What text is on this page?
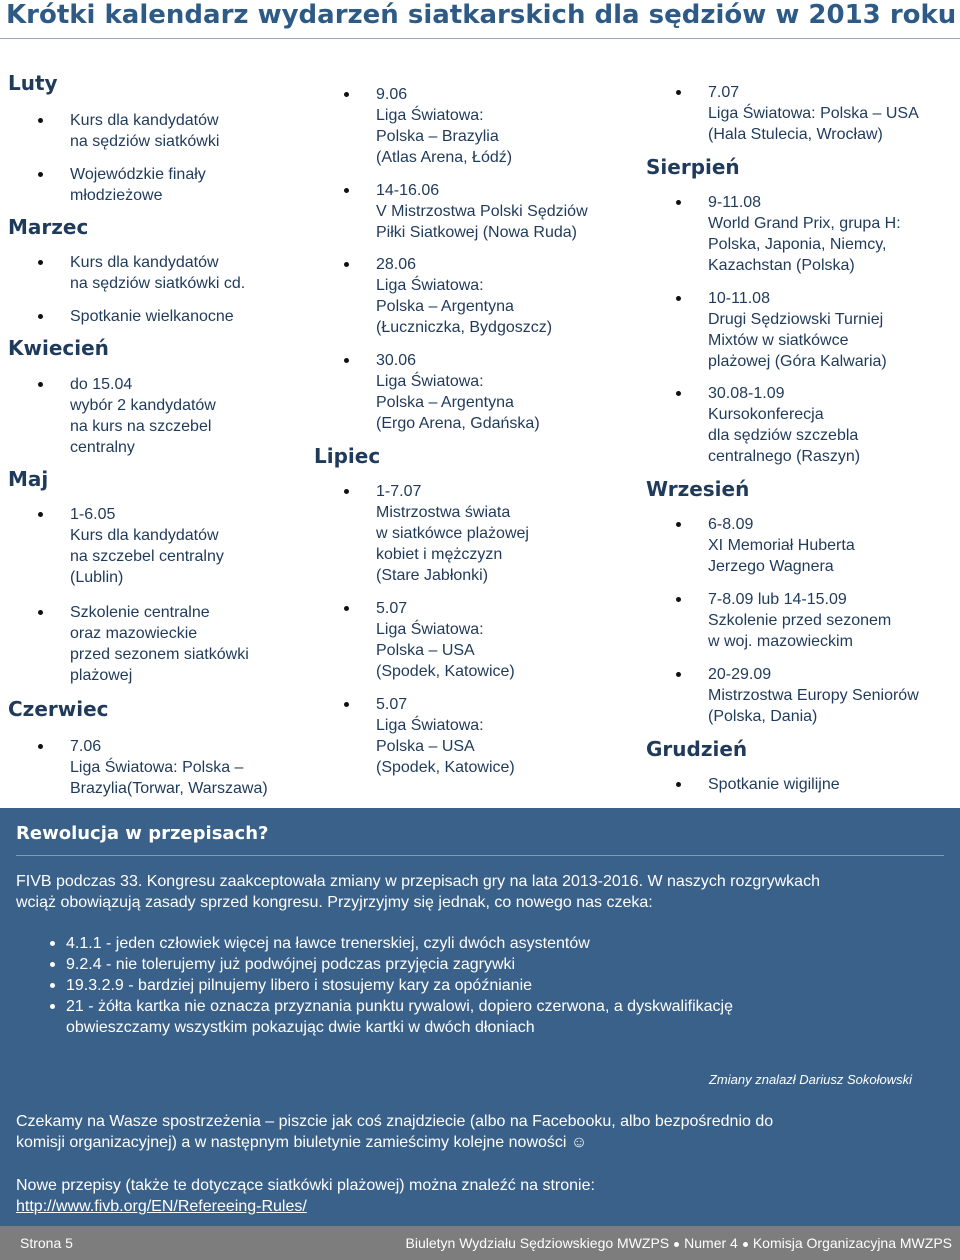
Krótki kalendarz wydarzeń siatkarskich dla sędziów w 2013 roku
Luty
Kurs dla kandydatów
na sędziów siatkówki
Wojewódzkie finały
młodzieżowe
Marzec
Kurs dla kandydatów
na sędziów siatkówki cd.
Spotkanie wielkanocne
Kwiecień
do 15.04
wybór 2 kandydatów
na kurs na szczebel
centralny
Maj
1-6.05
Kurs dla kandydatów
na szczebel centralny
(Lublin)
Szkolenie centralne
oraz mazowieckie
przed sezonem siatkówki
plażowej
Czerwiec
7.06
Liga Światowa: Polska –
Brazylia(Torwar, Warszawa)
9.06
Liga Światowa:
Polska – Brazylia
(Atlas Arena, Łódź)
14-16.06
V Mistrzostwa Polski Sędziów
Piłki Siatkowej (Nowa Ruda)
28.06
Liga Światowa:
Polska – Argentyna
(Łuczniczka, Bydgoszcz)
30.06
Liga Światowa:
Polska – Argentyna
(Ergo Arena, Gdańska)
Lipiec
1-7.07
Mistrzostwa świata
w siatkówce plażowej
kobiet i mężczyzn
(Stare Jabłonki)
5.07
Liga Światowa:
Polska – USA
(Spodek, Katowice)
5.07
Liga Światowa:
Polska – USA
(Spodek, Katowice)
7.07
Liga Światowa: Polska – USA
(Hala Stulecia, Wrocław)
Sierpień
9-11.08
World Grand Prix, grupa H:
Polska, Japonia, Niemcy,
Kazachstan (Polska)
10-11.08
Drugi Sędziowski Turniej
Mixtów w siatkówce
plażowej (Góra Kalwaria)
30.08-1.09
Kursokonferecja
dla sędziów szczebla
centralnego (Raszyn)
Wrzesień
6-8.09
XI Memoriał Huberta
Jerzego Wagnera
7-8.09 lub 14-15.09
Szkolenie przed sezonem
w woj. mazowieckim
20-29.09
Mistrzostwa Europy Seniorów
(Polska, Dania)
Grudzień
Spotkanie wigilijne
Rewolucja w przepisach?
FIVB podczas 33. Kongresu zaakceptowała zmiany w przepisach gry na lata 2013-2016. W naszych rozgrywkach
wciąż obowiązują zasady sprzed kongresu. Przyjrzyjmy się jednak, co nowego nas czeka:
4.1.1 - jeden człowiek więcej na ławce trenerskiej, czyli dwóch asystentów
9.2.4 - nie tolerujemy już podwójnej podczas przyjęcia zagrywki
19.3.2.9 - bardziej pilnujemy libero i stosujemy kary za opóźnianie
21 - żółta kartka nie oznacza przyznania punktu rywalowi, dopiero czerwona, a dyskwalifikację
obwieszczamy wszystkim pokazując dwie kartki w dwóch dłoniach
Zmiany znalazł Dariusz Sokołowski
Czekamy na Wasze spostrzeżenia – piszcie jak coś znajdziecie (albo na Facebooku, albo bezpośrednio do
komisji organizacyjnej) a w następnym biuletynie zamieścimy kolejne nowości ☺
Nowe przepisy (także te dotyczące siatkówki plażowej) można znaleźć na stronie:
http://www.fivb.org/EN/Refereeing-Rules/
Strona 5	Biuletyn Wydziału Sędziowskiego MWZPS Numer 4 Komisja Organizacyjna MWZPS
